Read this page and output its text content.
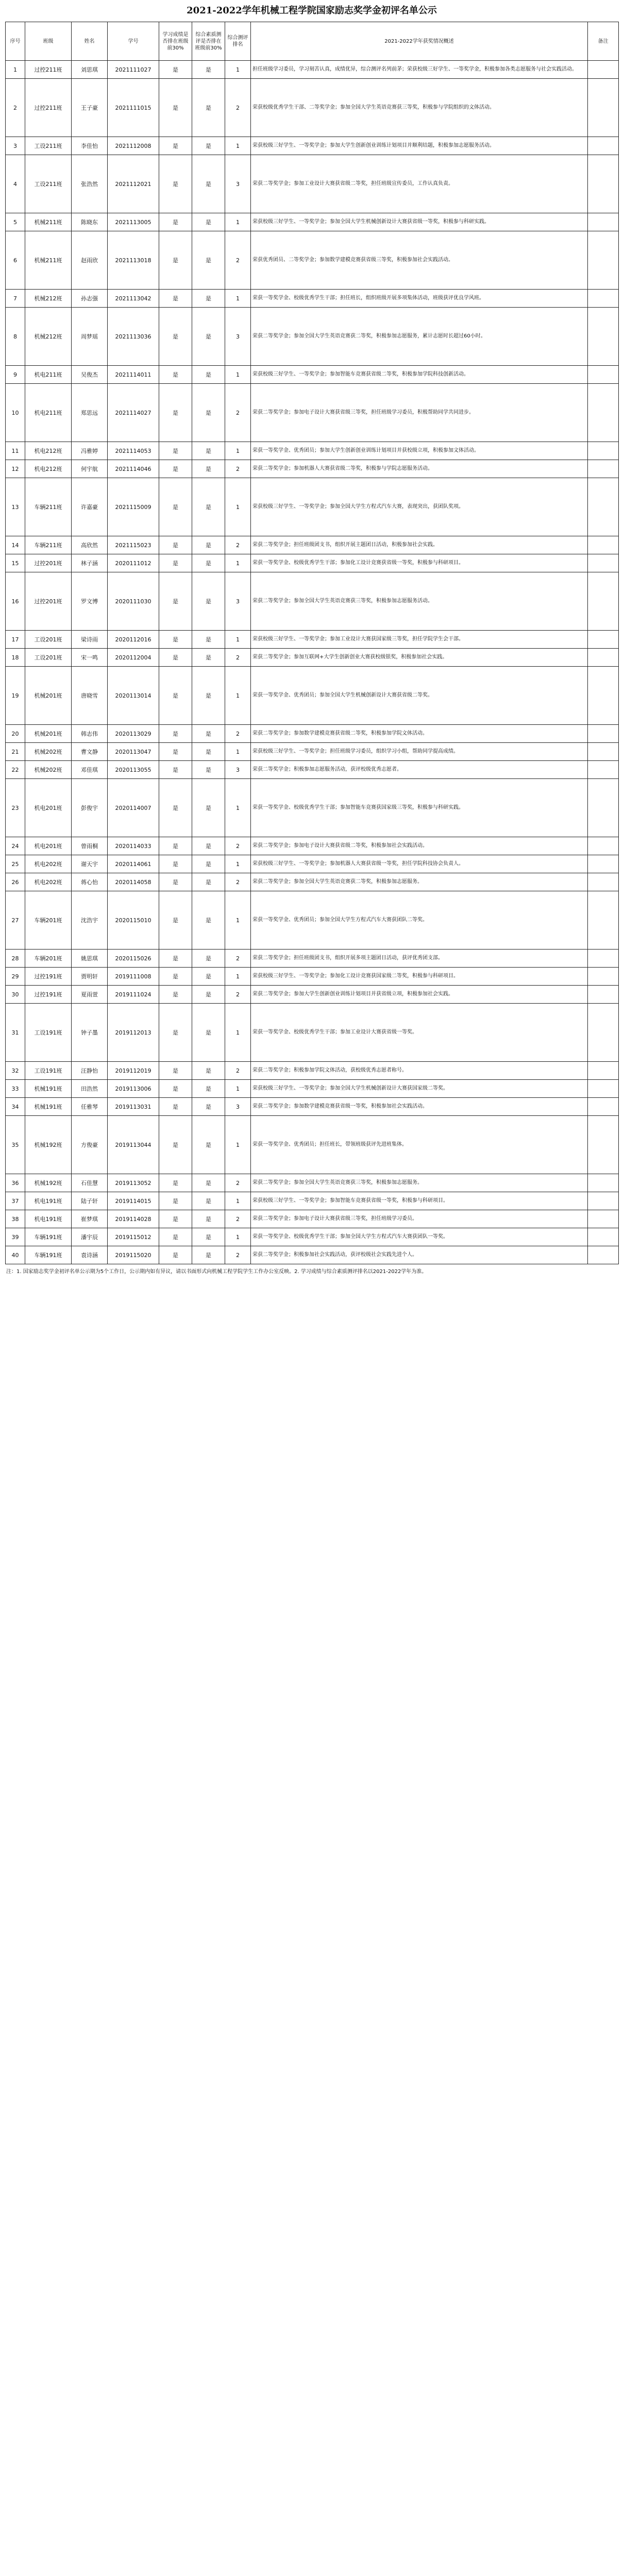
2021-2022学年机械工程学院国家励志奖学金初评名单公示
序号	班级	姓名	学号	学习成绩是否排在班级前30%	综合素质测评是否排在班级前30%	综合测评排名	2021-2022学年获奖情况概述	备注
1	过控211班	刘思琪	2021111027	是	是	1	担任班级学习委员，学习刻苦认真，成绩优异，综合测评名列前茅；荣获校级三好学生、一等奖学金，积极参加各类志愿服务与社会实践活动。	
2	过控211班	王子豪	2021111015	是	是	2	荣获校级优秀学生干部、二等奖学金；参加全国大学生英语竞赛获三等奖，积极参与学院组织的文体活动。	
3	工设211班	李佳怡	2021112008	是	是	1	荣获校级三好学生、一等奖学金；参加大学生创新创业训练计划项目并顺利结题，积极参加志愿服务活动。	
4	工设211班	张浩然	2021112021	是	是	3	荣获二等奖学金；参加工业设计大赛获省级二等奖，担任班级宣传委员，工作认真负责。	
5	机械211班	陈晓东	2021113005	是	是	1	荣获校级三好学生、一等奖学金；参加全国大学生机械创新设计大赛获省级一等奖，积极参与科研实践。	
6	机械211班	赵雨欣	2021113018	是	是	2	荣获优秀团员、二等奖学金；参加数学建模竞赛获省级三等奖，积极参加社会实践活动。	
7	机械212班	孙志强	2021113042	是	是	1	荣获一等奖学金、校级优秀学生干部；担任班长，组织班级开展多项集体活动，班级获评优良学风班。	
8	机械212班	周梦瑶	2021113036	是	是	3	荣获二等奖学金；参加全国大学生英语竞赛获二等奖，积极参加志愿服务，累计志愿时长超过60小时。	
9	机电211班	吴俊杰	2021114011	是	是	1	荣获校级三好学生、一等奖学金；参加智能车竞赛获省级二等奖，积极参加学院科技创新活动。	
10	机电211班	郑思远	2021114027	是	是	2	荣获二等奖学金；参加电子设计大赛获省级三等奖，担任班级学习委员，积极帮助同学共同进步。	
11	机电212班	冯雅婷	2021114053	是	是	1	荣获一等奖学金、优秀团员；参加大学生创新创业训练计划项目并获校级立项，积极参加文体活动。	
12	机电212班	何宇航	2021114046	是	是	2	荣获二等奖学金；参加机器人大赛获省级二等奖，积极参与学院志愿服务活动。	
13	车辆211班	许嘉豪	2021115009	是	是	1	荣获校级三好学生、一等奖学金；参加全国大学生方程式汽车大赛，表现突出，获团队奖项。	
14	车辆211班	高欣然	2021115023	是	是	2	荣获二等奖学金；担任班级团支书，组织开展主题团日活动，积极参加社会实践。	
15	过控201班	林子涵	2020111012	是	是	1	荣获一等奖学金、校级优秀学生干部；参加化工设计竞赛获省级一等奖，积极参与科研项目。	
16	过控201班	罗文博	2020111030	是	是	3	荣获二等奖学金；参加全国大学生英语竞赛获三等奖，积极参加志愿服务活动。	
17	工设201班	梁诗雨	2020112016	是	是	1	荣获校级三好学生、一等奖学金；参加工业设计大赛获国家级三等奖，担任学院学生会干部。	
18	工设201班	宋一鸣	2020112004	是	是	2	荣获二等奖学金；参加互联网+大学生创新创业大赛获校级银奖，积极参加社会实践。	
19	机械201班	唐晓雪	2020113014	是	是	1	荣获一等奖学金、优秀团员；参加全国大学生机械创新设计大赛获省级二等奖。	
20	机械201班	韩志伟	2020113029	是	是	2	荣获二等奖学金；参加数学建模竞赛获省级二等奖，积极参加学院文体活动。	
21	机械202班	曹文静	2020113047	是	是	1	荣获校级三好学生、一等奖学金；担任班级学习委员，组织学习小组，帮助同学提高成绩。	
22	机械202班	邓佳琪	2020113055	是	是	3	荣获二等奖学金；积极参加志愿服务活动，获评校级优秀志愿者。	
23	机电201班	彭俊宇	2020114007	是	是	1	荣获一等奖学金、校级优秀学生干部；参加智能车竞赛获国家级三等奖，积极参与科研实践。	
24	机电201班	曾雨桐	2020114033	是	是	2	荣获二等奖学金；参加电子设计大赛获省级二等奖，积极参加社会实践活动。	
25	机电202班	谢天宇	2020114061	是	是	1	荣获校级三好学生、一等奖学金；参加机器人大赛获省级一等奖，担任学院科技协会负责人。	
26	机电202班	蒋心怡	2020114058	是	是	2	荣获二等奖学金；参加全国大学生英语竞赛获二等奖，积极参加志愿服务。	
27	车辆201班	沈浩宇	2020115010	是	是	1	荣获一等奖学金、优秀团员；参加全国大学生方程式汽车大赛获团队二等奖。	
28	车辆201班	姚思琪	2020115026	是	是	2	荣获二等奖学金；担任班级团支书，组织开展多项主题团日活动，获评优秀团支部。	
29	过控191班	贾明轩	2019111008	是	是	1	荣获校级三好学生、一等奖学金；参加化工设计竞赛获国家级二等奖，积极参与科研项目。	
30	过控191班	夏雨萱	2019111024	是	是	2	荣获二等奖学金；参加大学生创新创业训练计划项目并获省级立项，积极参加社会实践。	
31	工设191班	钟子墨	2019112013	是	是	1	荣获一等奖学金、校级优秀学生干部；参加工业设计大赛获省级一等奖。	
32	工设191班	汪静怡	2019112019	是	是	2	荣获二等奖学金；积极参加学院文体活动，获校级优秀志愿者称号。	
33	机械191班	田浩然	2019113006	是	是	1	荣获校级三好学生、一等奖学金；参加全国大学生机械创新设计大赛获国家级二等奖。	
34	机械191班	任雅琴	2019113031	是	是	3	荣获二等奖学金；参加数学建模竞赛获省级一等奖，积极参加社会实践活动。	
35	机械192班	方俊豪	2019113044	是	是	1	荣获一等奖学金、优秀团员；担任班长，带领班级获评先进班集体。	
36	机械192班	石佳慧	2019113052	是	是	2	荣获二等奖学金；参加全国大学生英语竞赛获三等奖，积极参加志愿服务。	
37	机电191班	陆子轩	2019114015	是	是	1	荣获校级三好学生、一等奖学金；参加智能车竞赛获省级一等奖，积极参与科研项目。	
38	机电191班	崔梦琪	2019114028	是	是	2	荣获二等奖学金；参加电子设计大赛获省级三等奖，担任班级学习委员。	
39	车辆191班	潘宇辰	2019115012	是	是	1	荣获一等奖学金、校级优秀学生干部；参加全国大学生方程式汽车大赛获团队一等奖。	
40	车辆191班	袁诗涵	2019115020	是	是	2	荣获二等奖学金；积极参加社会实践活动，获评校级社会实践先进个人。	
注：1. 国家励志奖学金初评名单公示期为5个工作日，公示期内如有异议，请以书面形式向机械工程学院学生工作办公室反映。2. 学习成绩与综合素质测评排名以2021-2022学年为准。
